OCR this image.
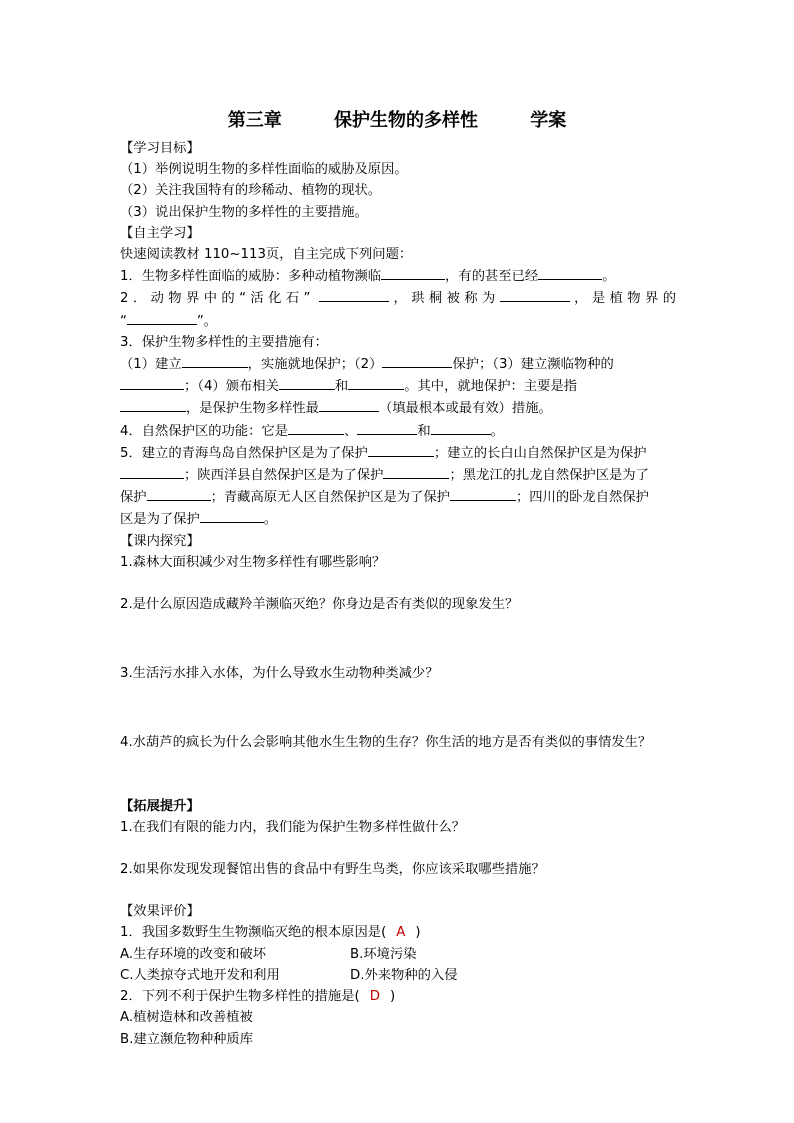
第三章	保护生物的多样性	学案
【学习目标】
（1）举例说明生物的多样性面临的威胁及原因。
（2）关注我国特有的珍稀动、植物的现状。
（3）说出保护生物的多样性的主要措施。
【自主学习】
快速阅读教材 110~113页，自主完成下列问题：
1．生物多样性面临的威胁：多种动植物濒临	，有的甚至已经	。
2．动物界中的“活化石”	，珙桐被称为	，是植物界的
“	”。
3．保护生物多样性的主要措施有：
（1）建立	，实施就地保护；（2）	保护；（3）建立濒临物种的
；（4）颁布相关	和	。其中，就地保护：主要是指
，是保护生物多样性最	（填最根本或最有效）措施。
4．自然保护区的功能：它是	、	和	。
5．建立的青海鸟岛自然保护区是为了保护	；建立的长白山自然保护区是为保护
；陕西洋县自然保护区是为了保护	；黑龙江的扎龙自然保护区是为了
保护	；青藏高原无人区自然保护区是为了保护	；四川的卧龙自然保护
区是为了保护	。
【课内探究】
1.森林大面积减少对生物多样性有哪些影响？
2.是什么原因造成藏羚羊濒临灭绝？你身边是否有类似的现象发生？
3.生活污水排入水体，为什么导致水生动物种类减少？
4.水葫芦的疯长为什么会影响其他水生生物的生存？你生活的地方是否有类似的事情发生？
【拓展提升】
1.在我们有限的能力内，我们能为保护生物多样性做什么？
2.如果你发现发现餐馆出售的食品中有野生鸟类，你应该采取哪些措施？
【效果评价】
1．我国多数野生生物濒临灭绝的根本原因是( A )
A.生存环境的改变和破坏	B.环境污染
C.人类掠夺式地开发和利用	D.外来物种的入侵
2．下列不利于保护生物多样性的措施是( D )
A.植树造林和改善植被
B.建立濒危物种种质库
